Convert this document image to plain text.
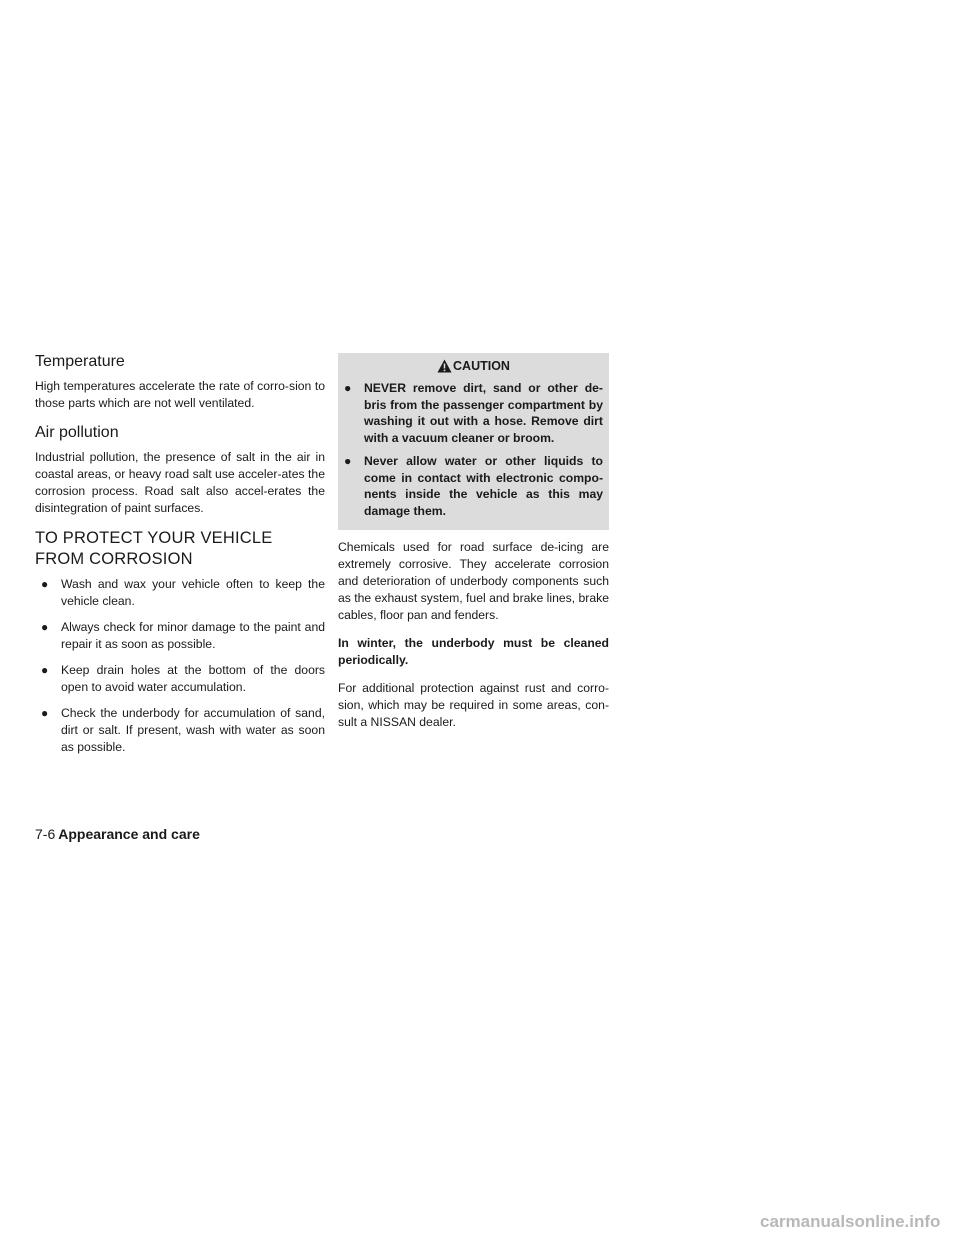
Temperature

High temperatures accelerate the rate of corro-sion to those parts which are not well ventilated.

Air pollution

Industrial pollution, the presence of salt in the air in coastal areas, or heavy road salt use acceler-ates the corrosion process. Road salt also accel-erates the disintegration of paint surfaces.

TO PROTECT YOUR VEHICLE
FROM CORROSION
● Wash and wax your vehicle often to keep the vehicle clean.
● Always check for minor damage to the paint and repair it as soon as possible.
● Keep drain holes at the bottom of the doors open to avoid water accumulation.
● Check the underbody for accumulation of sand, dirt or salt. If present, wash with water as soon as possible.
CAUTION
● NEVER remove dirt, sand or other de-bris from the passenger compartment by washing it out with a hose. Remove dirt with a vacuum cleaner or broom.
● Never allow water or other liquids to come in contact with electronic compo-nents inside the vehicle as this may damage them.

Chemicals used for road surface de-icing are extremely corrosive. They accelerate corrosion and deterioration of underbody components such as the exhaust system, fuel and brake lines, brake cables, floor pan and fenders.

In winter, the underbody must be cleaned periodically.

For additional protection against rust and corro-sion, which may be required in some areas, con-sult a NISSAN dealer.

7-6 Appearance and care
carmanualsonline.info
